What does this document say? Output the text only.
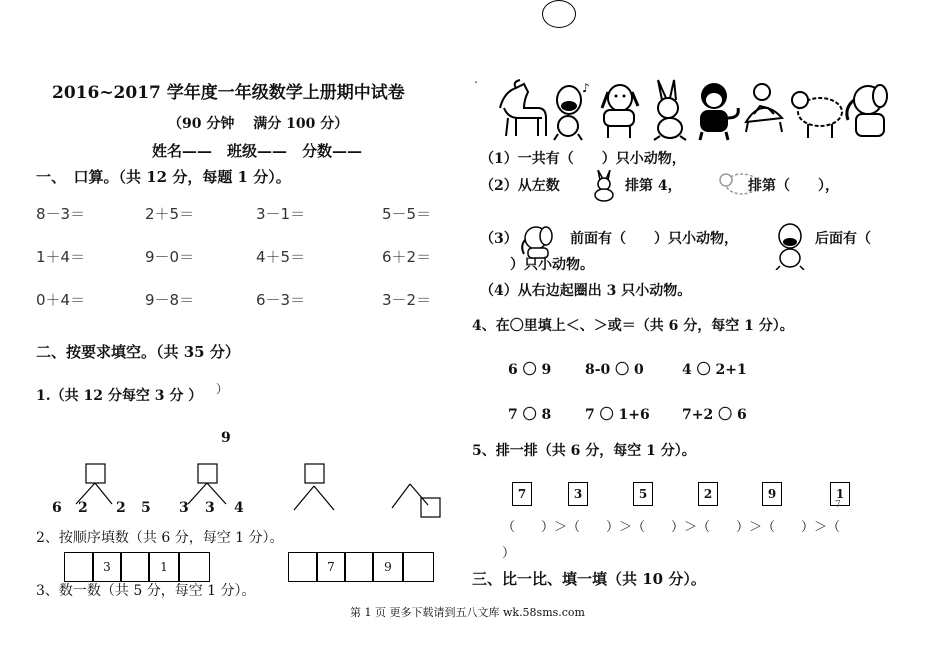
2016~2017 学年度一年级数学上册期中试卷
（90 分钟　 满分 100 分）
姓名——　班级——　分数——
一、　口算。（共 12 分，每题 1 分）。
8－3＝	2＋5＝	3－1＝	5－5＝
1＋4＝	9－0＝	4＋5＝	6＋2＝
0＋4＝	9－8＝	6－3＝	3－2＝
二、按要求填空。（共 35 分）
1.（共 12 分每空 3 分 ） ）
9
6 2 2 5 3 3 4
2、按顺序填数（共 6 分，每空 1 分）。
3	1	7	9
3、数一数（共 5 分，每空 1 分）。
.
♪
（1）一共有（　　）只小动物，
（2）从左数	排第 4，	排第（　　），
（3）	前面有（　　）只小动物，	后面有（
）只小动物。
（4）从右边起圈出 3 只小动物。
4、在〇里填上＜、＞或＝（共 6 分，每空 1 分）。
6 〇 9 8-0 〇 0	4 〇 2+1
7 〇 8 7 〇 1+6 7+2 〇 6
5、排一排（共 6 分，每空 1 分）。
7	3	5	2	9	1
7
（　　）＞（　　）＞（　　）＞（　　）＞（　　）＞（
）
三、比一比、填一填（共 10 分）。
第 1 页 更多下载请到五八文库 wk.58sms.com
